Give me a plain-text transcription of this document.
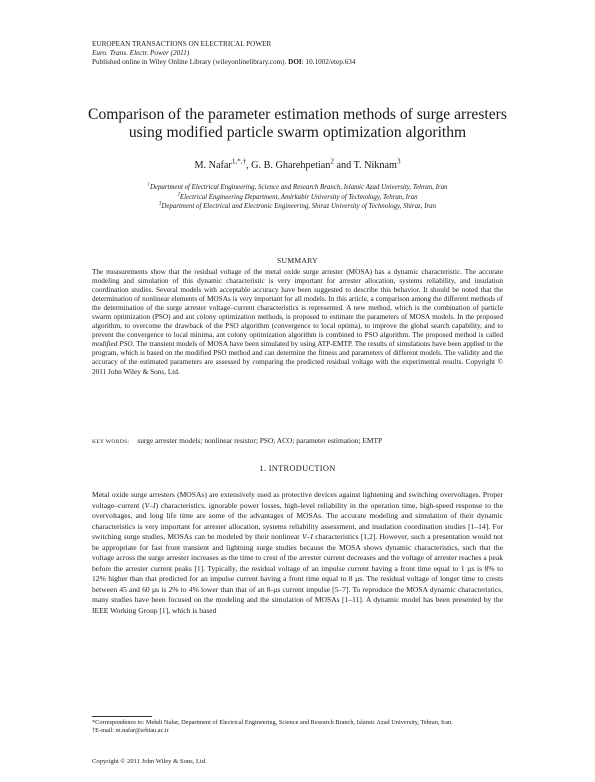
EUROPEAN TRANSACTIONS ON ELECTRICAL POWER
Euro. Trans. Electr. Power (2011)
Published online in Wiley Online Library (wileyonlinelibrary.com). DOI: 10.1002/etep.634
Comparison of the parameter estimation methods of surge arresters
using modified particle swarm optimization algorithm
M. Nafar$^{1,*,\dagger}$, G. B. Gharehpetian$^2$ and T. Niknam$^3$
$^1$Department of Electrical Engineering, Science and Research Branch, Islamic Azad University, Tehran, Iran
$^2$Electrical Engineering Department, Amirkabir University of Technology, Tehran, Iran
$^3$Department of Electrical and Electronic Engineering, Shiraz University of Technology, Shiraz, Iran
SUMMARY
The measurements show that the residual voltage of the metal oxide surge arrester (MOSA) has a dynamic characteristic. The accurate modeling and simulation of this dynamic characteristic is very important for arrester allocation, systems reliability, and insulation coordination studies. Several models with acceptable accuracy have been suggested to describe this behavior. It should be noted that the determination of nonlinear elements of MOSAs is very important for all models. In this article, a comparison among the different methods of the determination of the surge arrester voltage–current characteristics is represented. A new method, which is the combination of particle swarm optimization (PSO) and ant colony optimization methods, is proposed to estimate the parameters of MOSA models. In the proposed algorithm, to overcome the drawback of the PSO algorithm (convergence to local optima), to improve the global search capability, and to prevent the convergence to local minima, ant colony optimization algorithm is combined to PSO algorithm. The proposed method is called modified PSO. The transient models of MOSA have been simulated by using ATP-EMTP. The results of simulations have been applied to the program, which is based on the modified PSO method and can determine the fitness and parameters of different models. The validity and the accuracy of the estimated parameters are assessed by comparing the predicted residual voltage with the experimental results. Copyright © 2011 John Wiley & Sons, Ltd.
KEY WORDS: surge arrester models; nonlinear resistor; PSO; ACO; parameter estimation; EMTP
1. INTRODUCTION
Metal oxide surge arresters (MOSAs) are extensively used as protective devices against lightening and switching overvoltages. Proper voltage–current (V–I) characteristics, ignorable power losses, high-level reliability in the operation time, high-speed response to the overvoltages, and long life time are some of the advantages of MOSAs. The accurate modeling and simulation of their dynamic characteristics is very important for arrester allocation, systems reliability assessment, and insulation coordination studies [1–14]. For switching surge studies, MOSAs can be modeled by their nonlinear V–I characteristics [1,2]. However, such a presentation would not be appropriate for fast front transient and lightning surge studies because the MOSA shows dynamic characteristics, such that the voltage across the surge arrester increases as the time to crest of the arrester current decreases and the voltage of arrester reaches a peak before the arrester current peaks [1]. Typically, the residual voltage of an impulse current having a front time equal to 1 µs is 8% to 12% higher than that predicted for an impulse current having a front time equal to 8 µs. The residual voltage of longer time to crests between 45 and 60 µs is 2% to 4% lower than that of an 8-µs current impulse [5–7]. To reproduce the MOSA dynamic characteristics, many studies have been focused on the modeling and the simulation of MOSAs [1–11]. A dynamic model has been presented by the IEEE Working Group [1], which is based
*Correspondence to: Mehdi Nafar, Department of Electrical Engineering, Science and Research Branch, Islamic Azad University, Tehran, Iran.
†E-mail: m.nafar@srbiau.ac.ir
Copyright © 2011 John Wiley & Sons, Ltd.
